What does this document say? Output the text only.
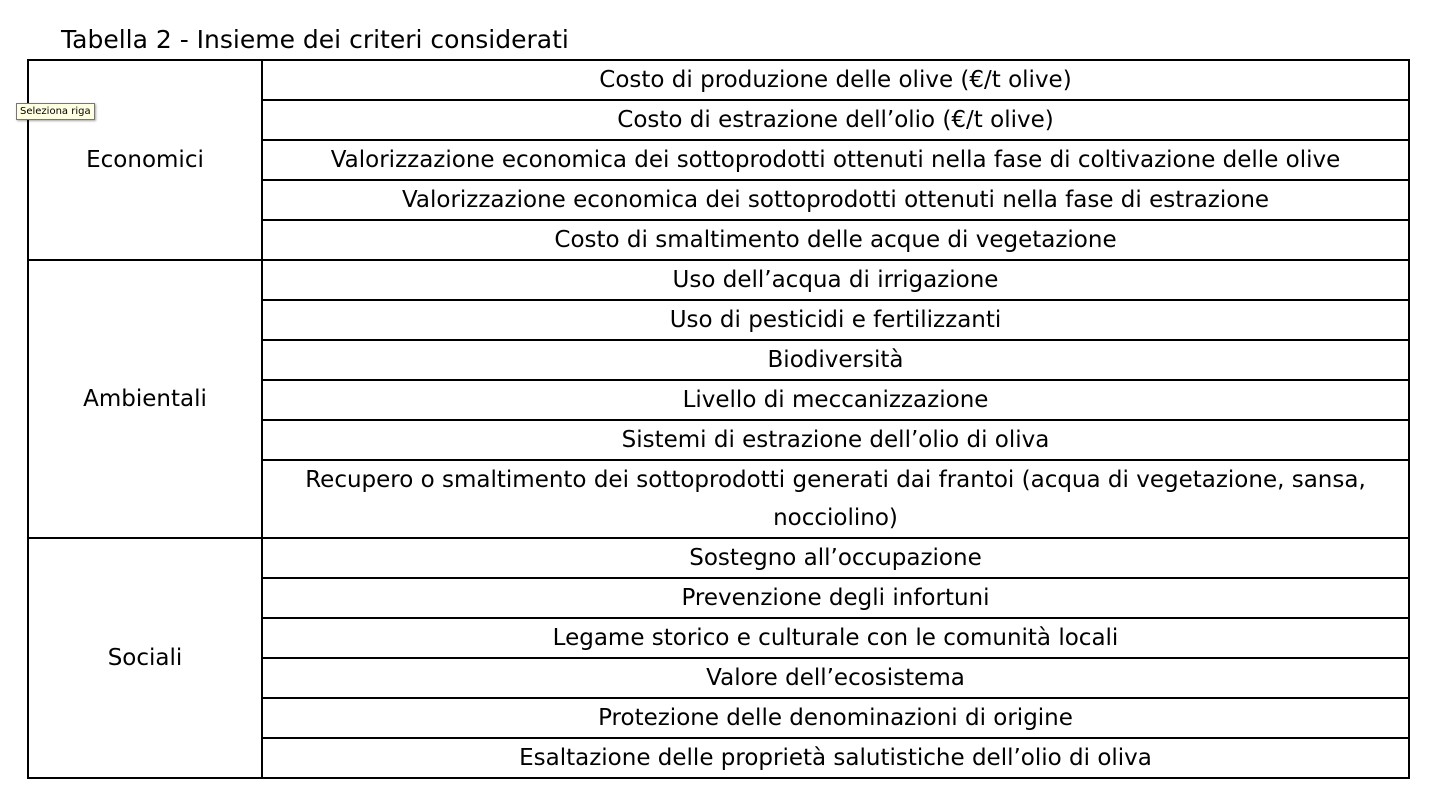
Tabella 2 - Insieme dei criteri considerati
Economici	Costo di produzione delle olive (€/t olive)
	Costo di estrazione dell’olio (€/t olive)
	Valorizzazione economica dei sottoprodotti ottenuti nella fase di coltivazione delle olive
	Valorizzazione economica dei sottoprodotti ottenuti nella fase di estrazione
	Costo di smaltimento delle acque di vegetazione
Ambientali	Uso dell’acqua di irrigazione
	Uso di pesticidi e fertilizzanti
	Biodiversità
	Livello di meccanizzazione
	Sistemi di estrazione dell’olio di oliva
	Recupero o smaltimento dei sottoprodotti generati dai frantoi (acqua di vegetazione, sansa, nocciolino)
Sociali	Sostegno all’occupazione
	Prevenzione degli infortuni
	Legame storico e culturale con le comunità locali
	Valore dell’ecosistema
	Protezione delle denominazioni di origine
	Esaltazione delle proprietà salutistiche dell’olio di oliva
Seleziona riga
